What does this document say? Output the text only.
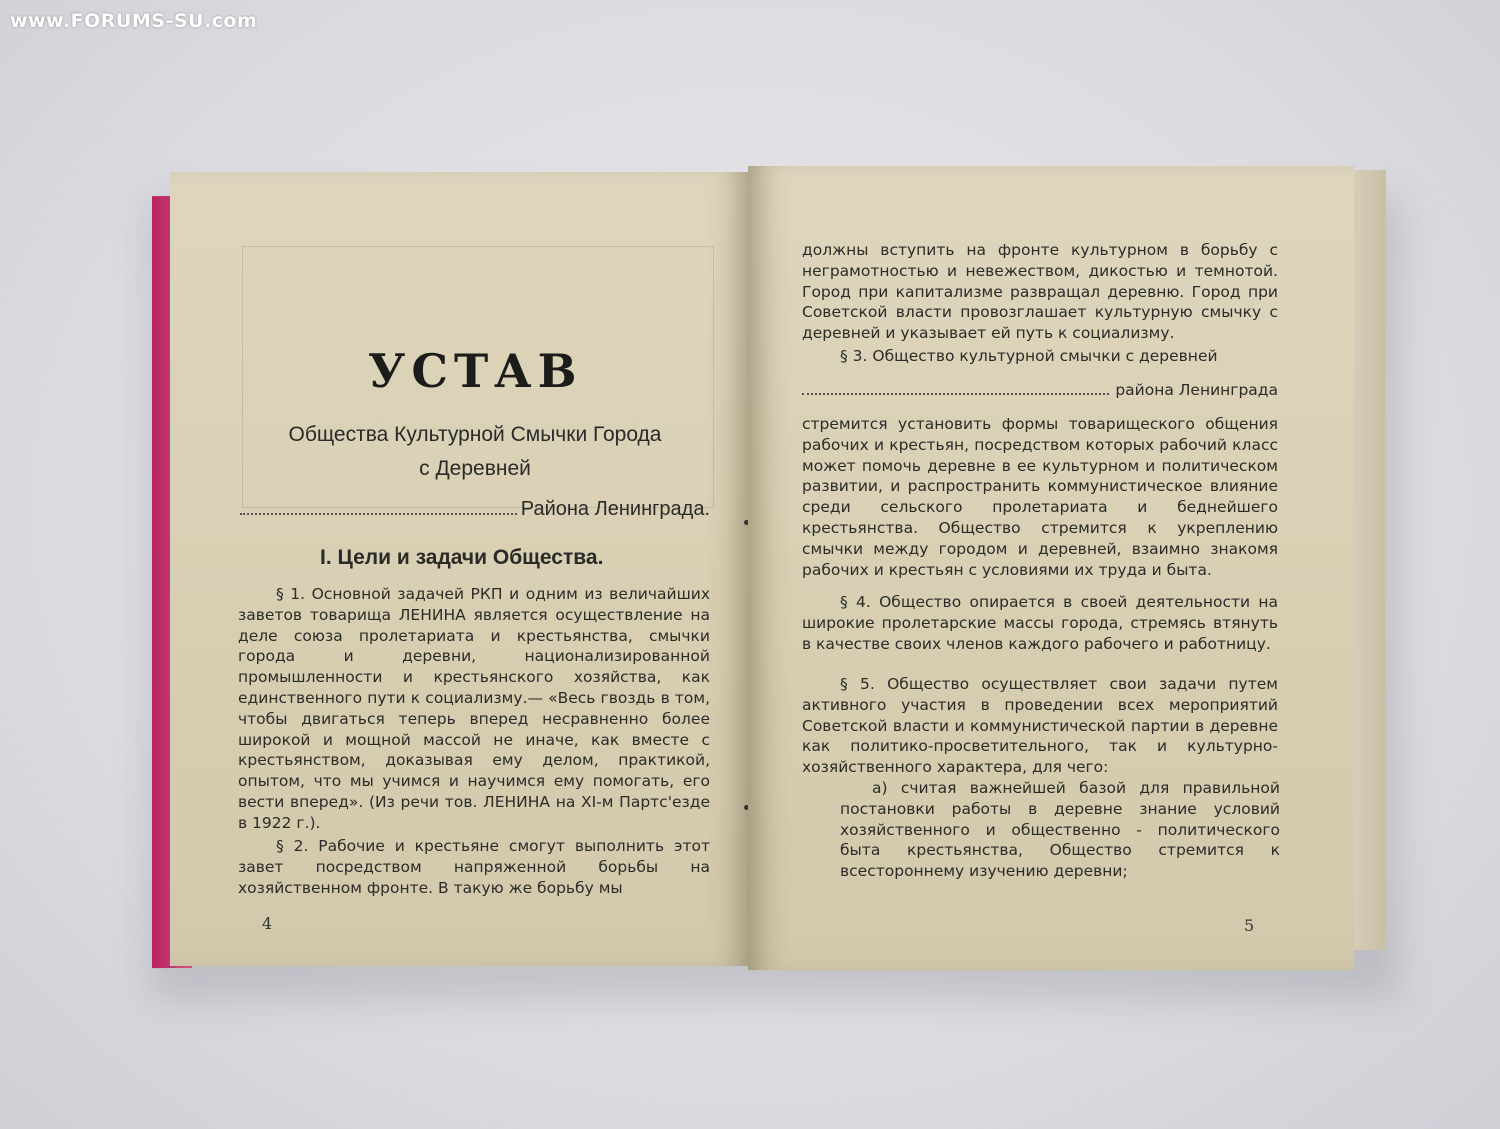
www.FORUMS-SU.com
УСТАВ
Общества Культурной Смычки Города
с Деревней
Района Ленинграда.
I. Цели и задачи Общества.
§ 1. Основной задачей РКП и одним из величайших заветов товарища ЛЕНИНА является осуществление на деле союза пролетариата и крестьянства, смычки города и деревни, национализированной промышленности и крестьянского хозяйства, как единственного пути к социализму.— «Весь гвоздь в том, чтобы двигаться теперь вперед несравненно более широкой и мощной массой не иначе, как вместе с крестьянством, доказывая ему делом, практикой, опытом, что мы учимся и научимся ему помогать, его вести вперед». (Из речи тов. ЛЕНИНА на XI-м Партс'езде в 1922 г.).
§ 2. Рабочие и крестьяне смогут выполнить этот завет посредством напряженной борьбы на хозяйственном фронте. В такую же борьбу мы
4
должны вступить на фронте культурном в борьбу с неграмотностью и невежеством, дикостью и темнотой. Город при капитализме развращал деревню. Город при Советской власти провозглашает культурную смычку с деревней и указывает ей путь к социализму.
§ 3. Общество культурной смычки с деревней
района Ленинграда
стремится установить формы товарищеского общения рабочих и крестьян, посредством которых рабочий класс может помочь деревне в ее культурном и политическом развитии, и распространить коммунистическое влияние среди сельского пролетариата и беднейшего крестьянства. Общество стремится к укреплению смычки между городом и деревней, взаимно знакомя рабочих и крестьян с условиями их труда и быта.
§ 4. Общество опирается в своей деятельности на широкие пролетарские массы города, стремясь втянуть в качестве своих членов каждого рабочего и работницу.
§ 5. Общество осуществляет свои задачи путем активного участия в проведении всех мероприятий Советской власти и коммунистической партии в деревне как политико-просветительного, так и культурно-хозяйственного характера, для чего:
а) считая важнейшей базой для правильной постановки работы в деревне знание условий хозяйственного и общественно - политического быта крестьянства, Общество стремится к всестороннему изучению деревни;
5
